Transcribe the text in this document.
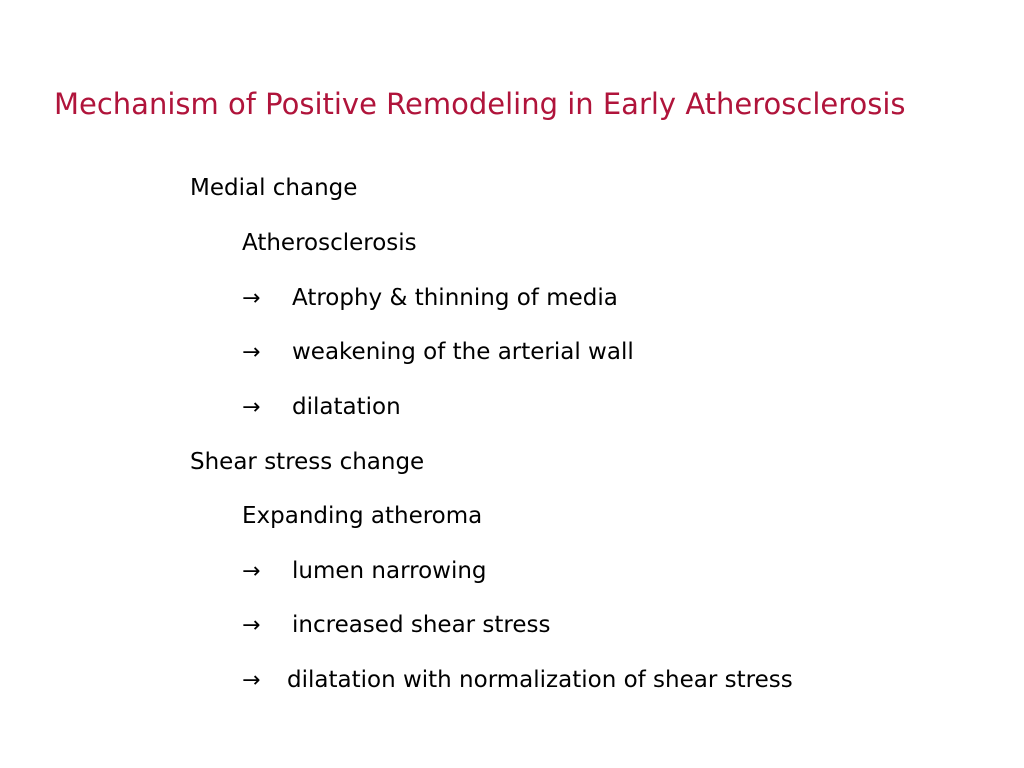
Mechanism of Positive Remodeling in Early Atherosclerosis
Medial change
Atherosclerosis
→ Atrophy & thinning of media
→ weakening of the arterial wall
→ dilatation
Shear stress change
Expanding atheroma
→ lumen narrowing
→ increased shear stress
→ dilatation with normalization of shear stress
